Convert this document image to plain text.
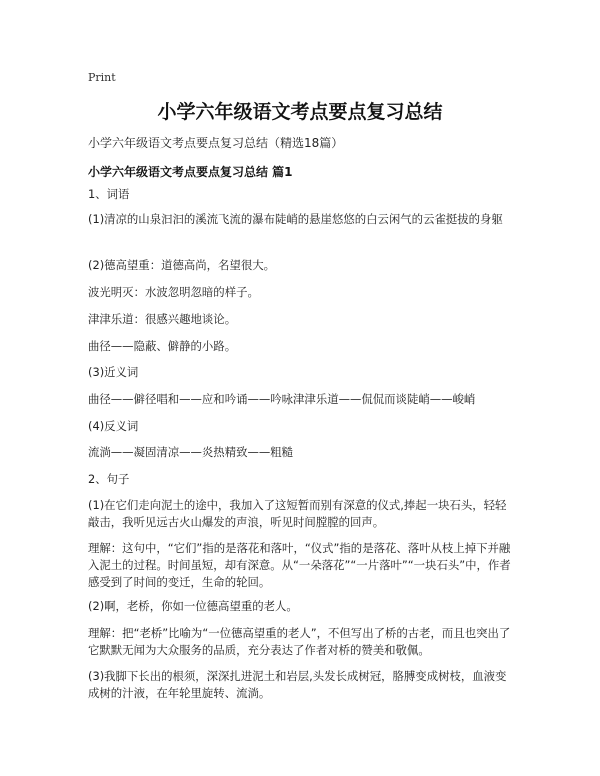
Print
小学六年级语文考点要点复习总结
小学六年级语文考点要点复习总结（精选18篇）
小学六年级语文考点要点复习总结 篇1
1、词语
(1)清凉的山泉汩汩的溪流飞流的瀑布陡峭的悬崖悠悠的白云闲气的云雀挺拔的身躯
(2)德高望重：道德高尚，名望很大。
波光明灭：水波忽明忽暗的样子。
津津乐道：很感兴趣地谈论。
曲径——隐蔽、僻静的小路。
(3)近义词
曲径——僻径唱和——应和吟诵——吟咏津津乐道——侃侃而谈陡峭——峻峭
(4)反义词
流淌——凝固清凉——炎热精致——粗糙
2、句子
(1)在它们走向泥土的途中，我加入了这短暂而别有深意的仪式,捧起一块石头，轻轻敲击，我听见远古火山爆发的声浪，听见时间膛膛的回声。
理解：这句中，“它们”指的是落花和落叶，“仪式”指的是落花、落叶从枝上掉下并融入泥土的过程。时间虽短，却有深意。从“一朵落花”“一片落叶”“一块石头”中，作者感受到了时间的变迁，生命的轮回。
(2)啊，老桥，你如一位德高望重的老人。
理解：把“老桥”比喻为“一位德高望重的老人”，不但写出了桥的古老，而且也突出了它默默无闻为大众服务的品质，充分表达了作者对桥的赞美和敬佩。
(3)我脚下长出的根须，深深扎进泥土和岩层,头发长成树冠，胳膊变成树枝，血液变成树的汁液，在年轮里旋转、流淌。
